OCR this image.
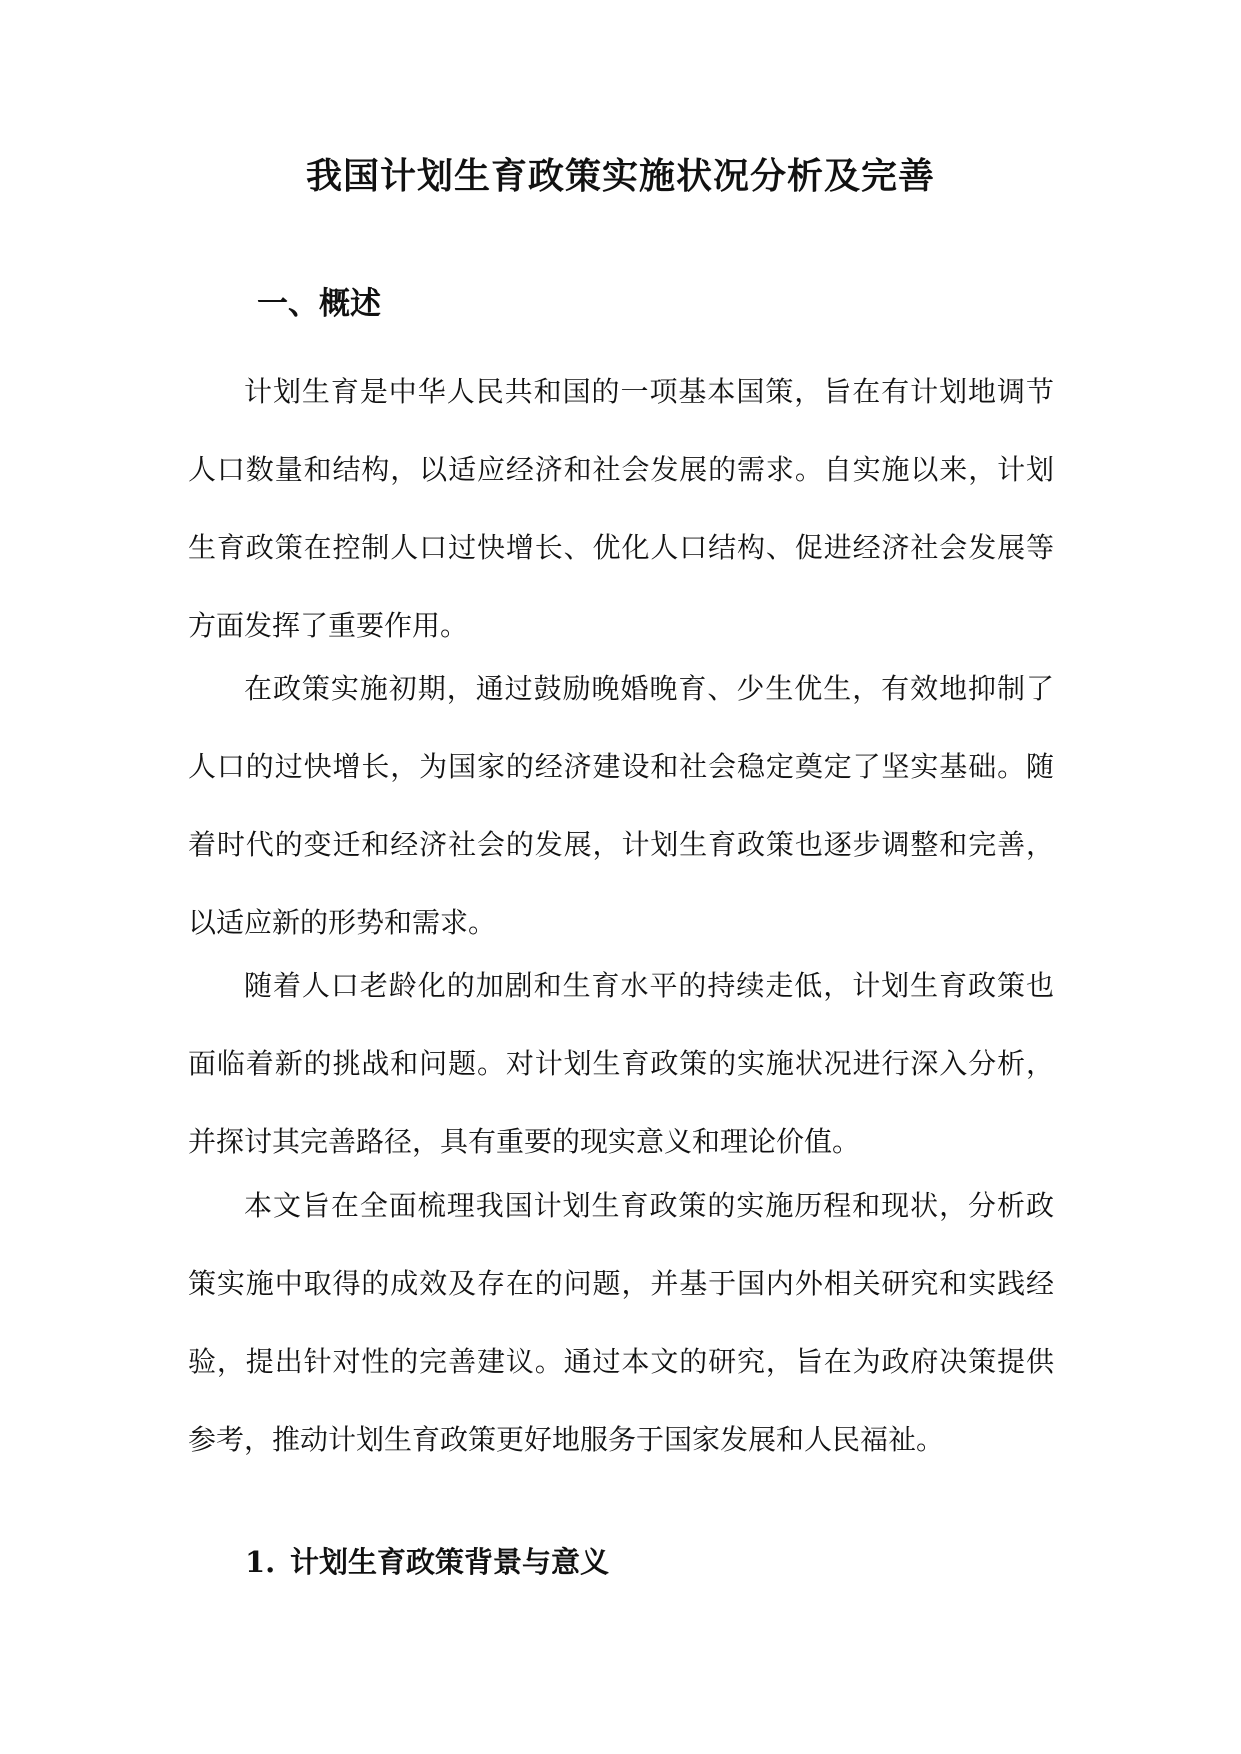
我国计划生育政策实施状况分析及完善
一、概述

计划生育是中华人民共和国的一项基本国策，旨在有计划地调节人口数量和结构，以适应经济和社会发展的需求。自实施以来，计划生育政策在控制人口过快增长、优化人口结构、促进经济社会发展等方面发挥了重要作用。

在政策实施初期，通过鼓励晚婚晚育、少生优生，有效地抑制了人口的过快增长，为国家的经济建设和社会稳定奠定了坚实基础。随着时代的变迁和经济社会的发展，计划生育政策也逐步调整和完善，以适应新的形势和需求。

随着人口老龄化的加剧和生育水平的持续走低，计划生育政策也面临着新的挑战和问题。对计划生育政策的实施状况进行深入分析，并探讨其完善路径，具有重要的现实意义和理论价值。

本文旨在全面梳理我国计划生育政策的实施历程和现状，分析政策实施中取得的成效及存在的问题，并基于国内外相关研究和实践经验，提出针对性的完善建议。通过本文的研究，旨在为政府决策提供参考，推动计划生育政策更好地服务于国家发展和人民福祉。

1. 计划生育政策背景与意义
